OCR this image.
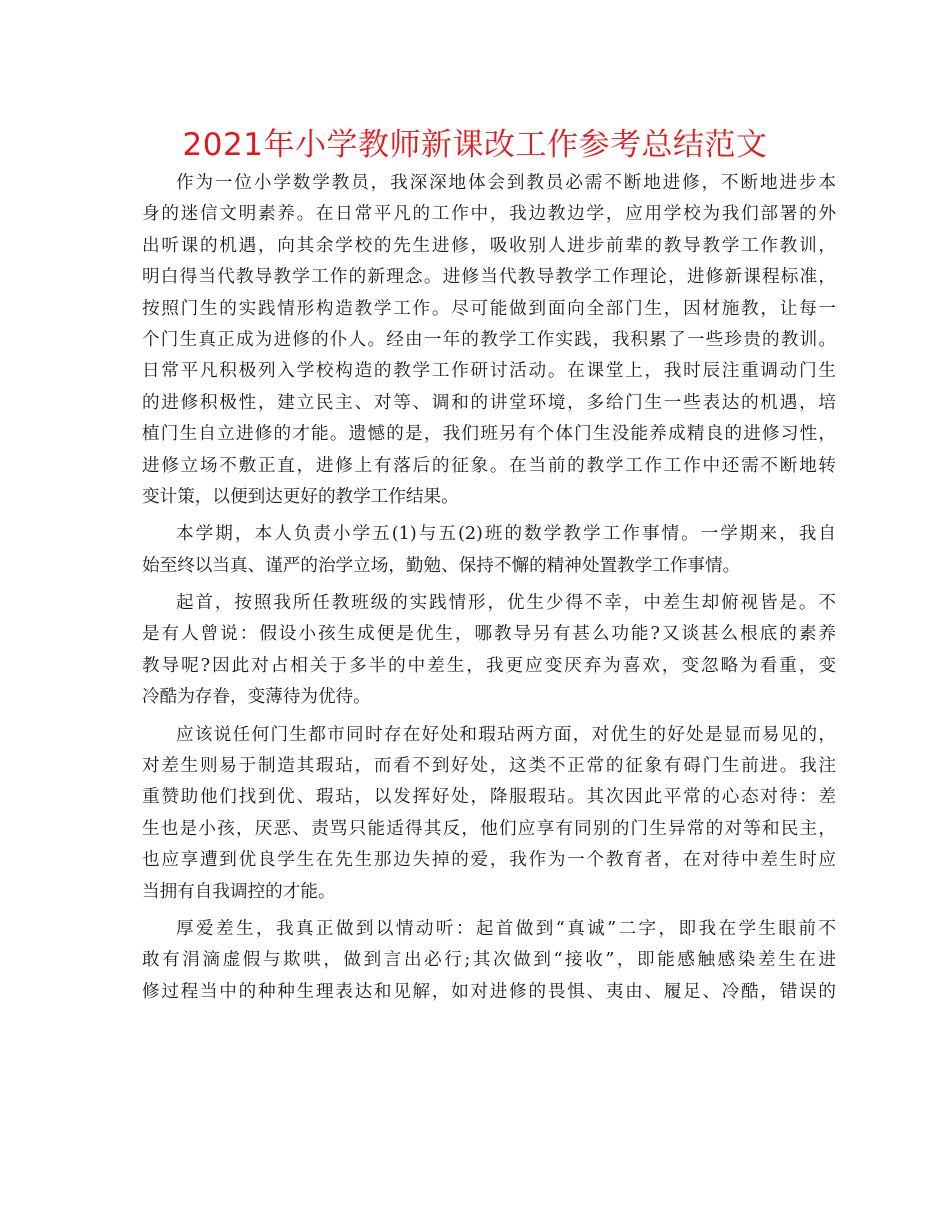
2021年小学教师新课改工作参考总结范文
作为一位小学数学教员，我深深地体会到教员必需不断地进修，不断地进步本
身的迷信文明素养。在日常平凡的工作中，我边教边学，应用学校为我们部署的外
出听课的机遇，向其余学校的先生进修，吸收别人进步前辈的教导教学工作教训，
明白得当代教导教学工作的新理念。进修当代教导教学工作理论，进修新课程标准，
按照门生的实践情形构造教学工作。尽可能做到面向全部门生，因材施教，让每一
个门生真正成为进修的仆人。经由一年的教学工作实践，我积累了一些珍贵的教训。
日常平凡积极列入学校构造的教学工作研讨活动。在课堂上，我时辰注重调动门生
的进修积极性，建立民主、对等、调和的讲堂环境，多给门生一些表达的机遇，培
植门生自立进修的才能。遗憾的是，我们班另有个体门生没能养成精良的进修习性，
进修立场不敷正直，进修上有落后的征象。在当前的教学工作工作中还需不断地转
变计策，以便到达更好的教学工作结果。
本学期，本人负责小学五(1)与五(2)班的数学教学工作事情。一学期来，我自
始至终以当真、谨严的治学立场，勤勉、保持不懈的精神处置教学工作事情。
起首，按照我所任教班级的实践情形，优生少得不幸，中差生却俯视皆是。不
是有人曾说：假设小孩生成便是优生，哪教导另有甚么功能?又谈甚么根底的素养
教导呢?因此对占相关于多半的中差生，我更应变厌弃为喜欢，变忽略为看重，变
冷酷为存眷，变薄待为优待。
应该说任何门生都市同时存在好处和瑕玷两方面，对优生的好处是显而易见的，
对差生则易于制造其瑕玷，而看不到好处，这类不正常的征象有碍门生前进。我注
重赞助他们找到优、瑕玷，以发挥好处，降服瑕玷。其次因此平常的心态对待：差
生也是小孩，厌恶、责骂只能适得其反，他们应享有同别的门生异常的对等和民主，
也应享遭到优良学生在先生那边失掉的爱，我作为一个教育者，在对待中差生时应
当拥有自我调控的才能。
厚爱差生，我真正做到以情动听：起首做到“真诚”二字，即我在学生眼前不
敢有涓滴虚假与欺哄，做到言出必行;其次做到“接收”，即能感触感染差生在进
修过程当中的种种生理表达和见解，如对进修的畏惧、夷由、履足、冷酷，错误的
